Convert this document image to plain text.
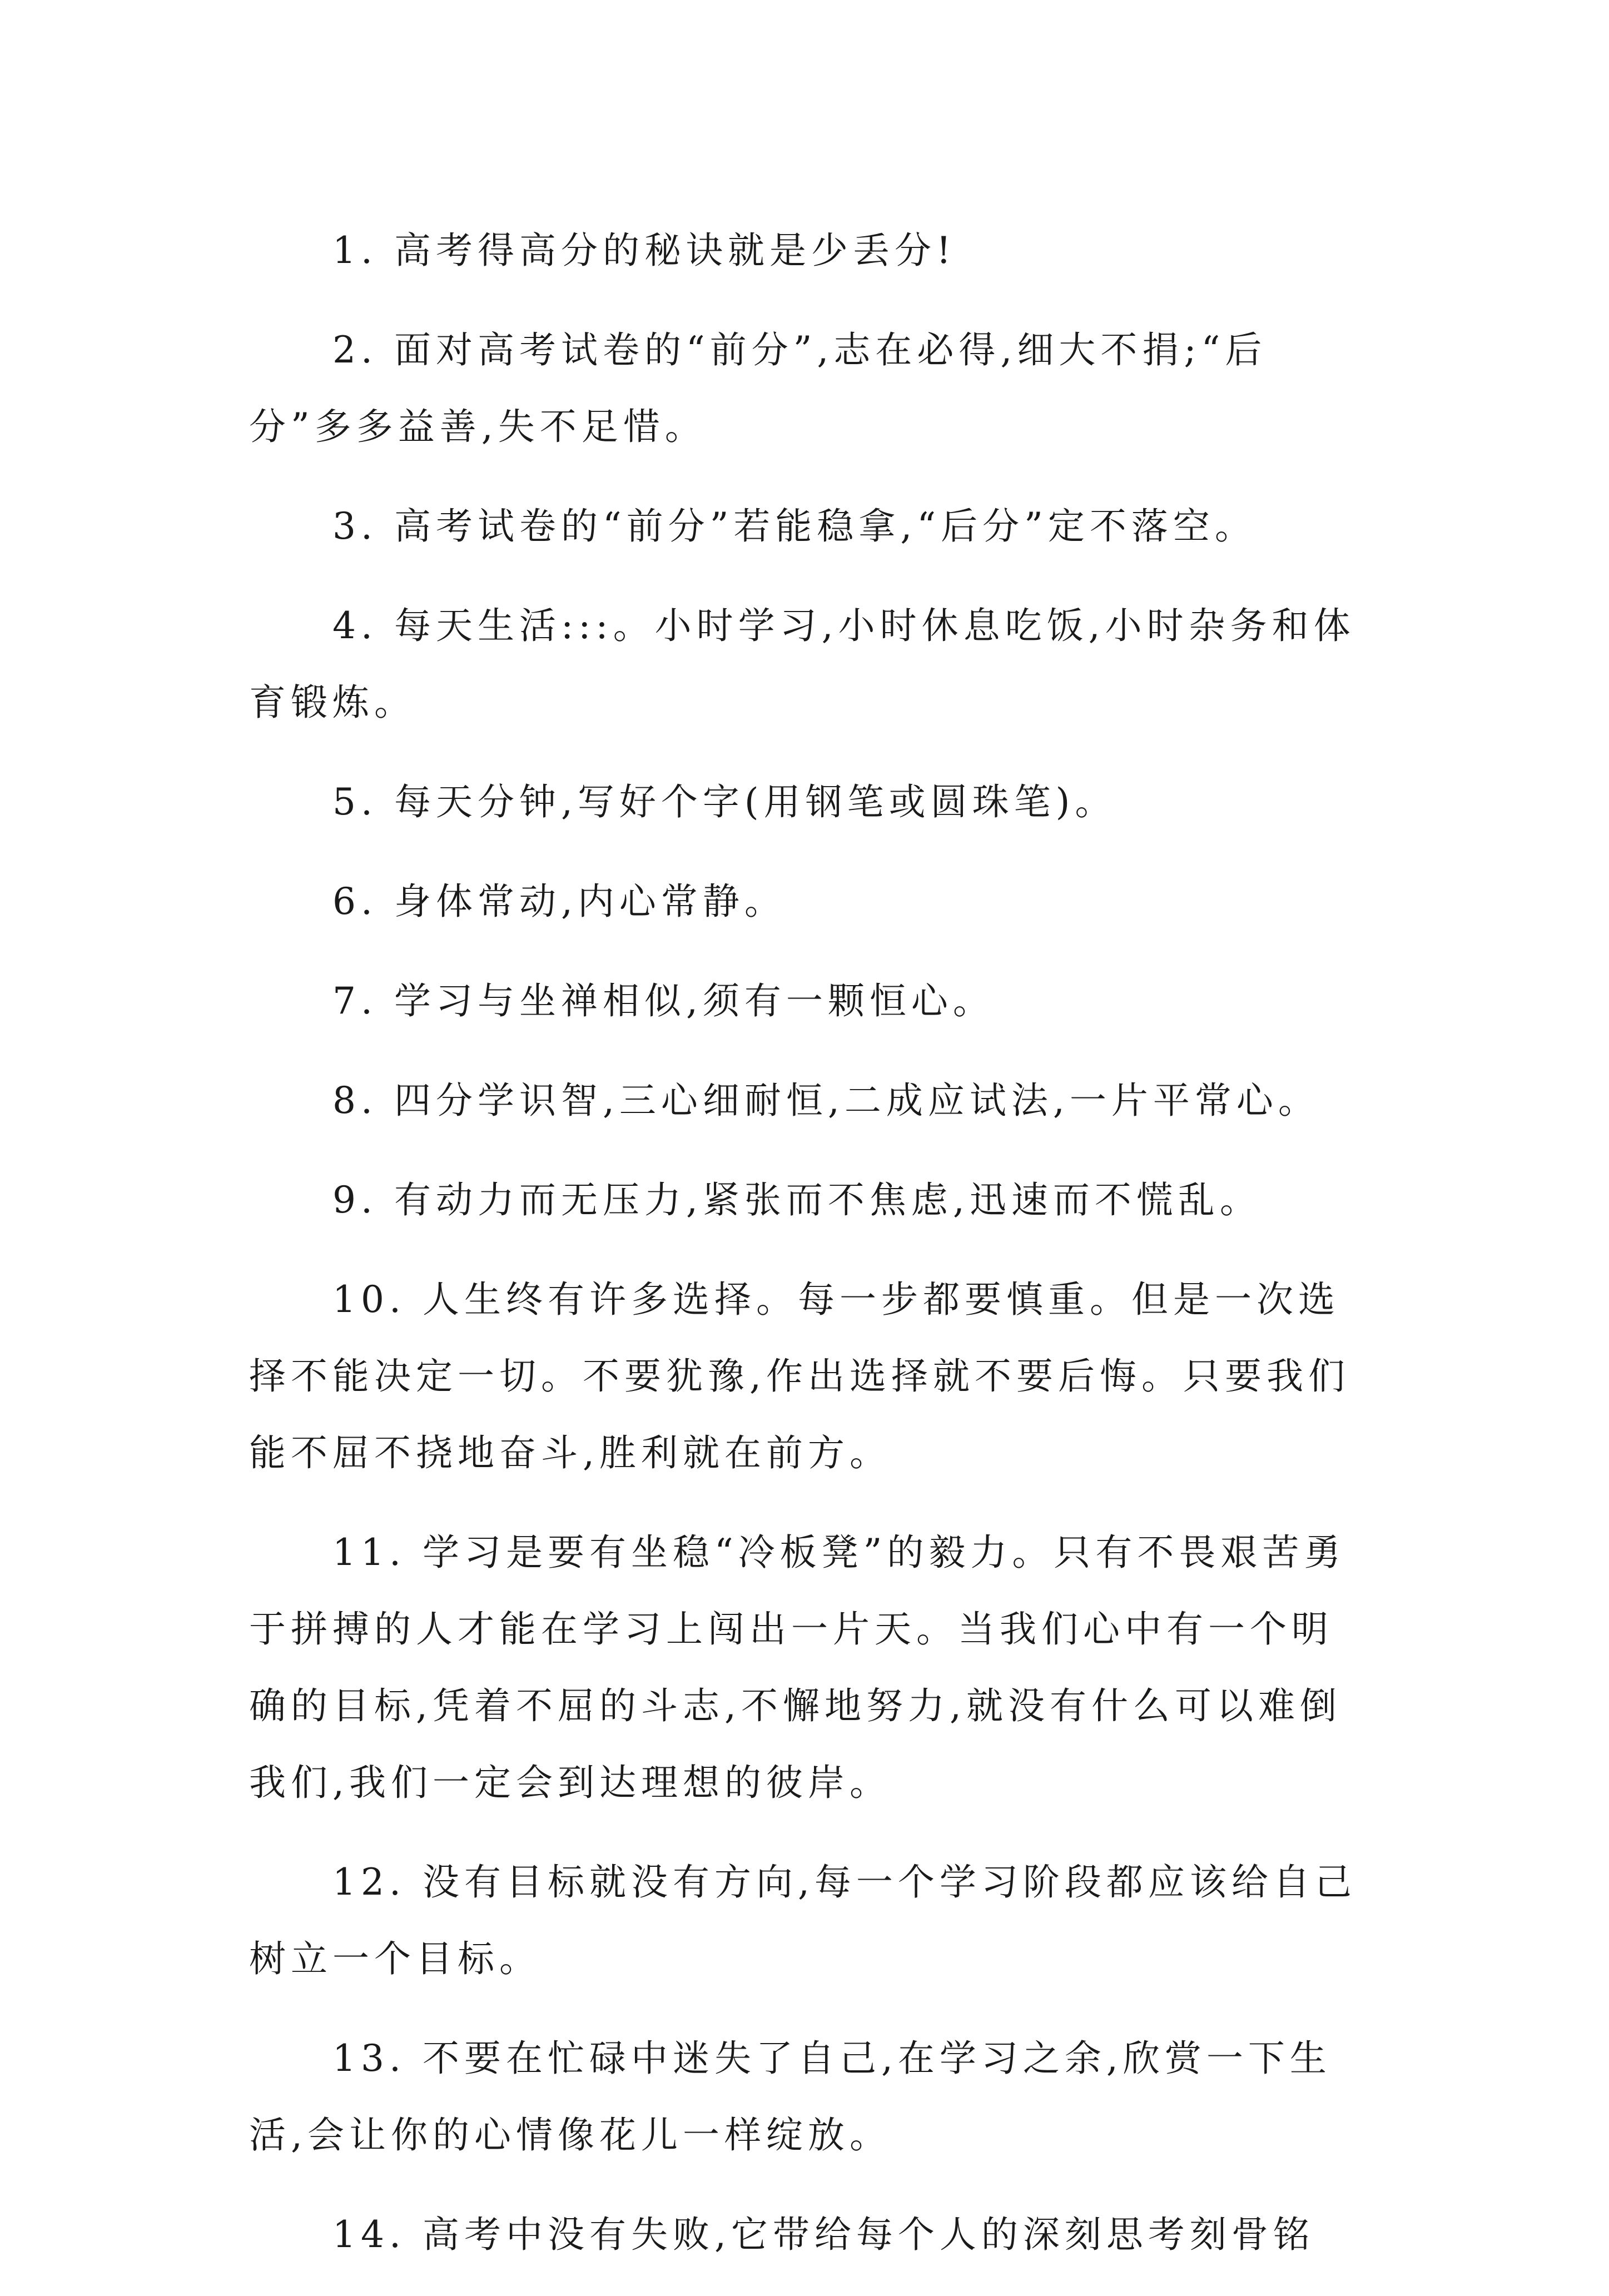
1. 高考得高分的秘诀就是少丢分!

2. 面对高考试卷的“前分”,志在必得,细大不捐;“后分”多多益善,失不足惜。

3. 高考试卷的“前分”若能稳拿,“后分”定不落空。

4. 每天生活:::。小时学习,小时休息吃饭,小时杂务和体育锻炼。

5. 每天分钟,写好个字(用钢笔或圆珠笔)。

6. 身体常动,内心常静。

7. 学习与坐禅相似,须有一颗恒心。

8. 四分学识智,三心细耐恒,二成应试法,一片平常心。

9. 有动力而无压力,紧张而不焦虑,迅速而不慌乱。

10. 人生终有许多选择。每一步都要慎重。但是一次选择不能决定一切。不要犹豫,作出选择就不要后悔。只要我们能不屈不挠地奋斗,胜利就在前方。

11. 学习是要有坐稳“冷板凳”的毅力。只有不畏艰苦勇于拼搏的人才能在学习上闯出一片天。当我们心中有一个明确的目标,凭着不屈的斗志,不懈地努力,就没有什么可以难倒我们,我们一定会到达理想的彼岸。

12. 没有目标就没有方向,每一个学习阶段都应该给自己树立一个目标。

13. 不要在忙碌中迷失了自己,在学习之余,欣赏一下生活,会让你的心情像花儿一样绽放。

14. 高考中没有失败,它带给每个人的深刻思考刻骨铭
